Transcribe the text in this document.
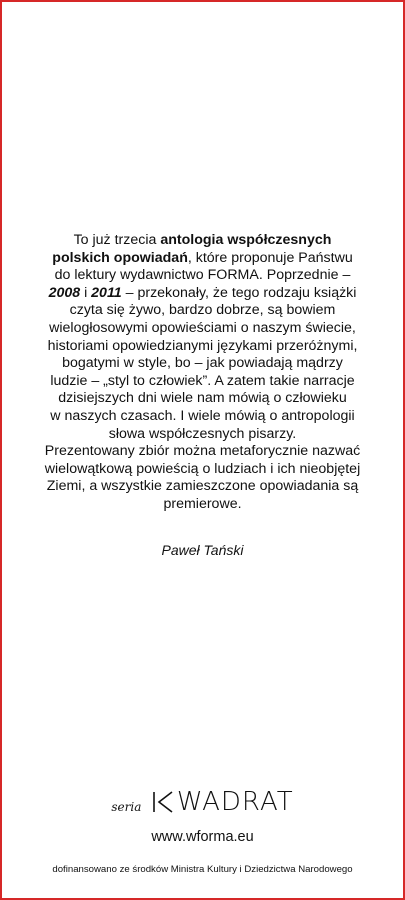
To już trzecia antologia współczesnych
polskich opowiadań, które proponuje Państwu
do lektury wydawnictwo FORMA. Poprzednie –
2008 i 2011 – przekonały, że tego rodzaju książki
czyta się żywo, bardzo dobrze, są bowiem
wielogłosowymi opowieściami o naszym świecie,
historiami opowiedzianymi językami przeróżnymi,
bogatymi w style, bo – jak powiadają mądrzy
ludzie – „styl to człowiek”. A zatem takie narracje
dzisiejszych dni wiele nam mówią o człowieku
w naszych czasach. I wiele mówią o antropologii
słowa współczesnych pisarzy.
Prezentowany zbiór można metaforycznie nazwać
wielowątkową powieścią o ludziach i ich nieobjętej
Ziemi, a wszystkie zamieszczone opowiadania są
premierowe.
Paweł Tański
seria WADRAT
www.wforma.eu
dofinansowano ze środków Ministra Kultury i Dziedzictwa Narodowego
